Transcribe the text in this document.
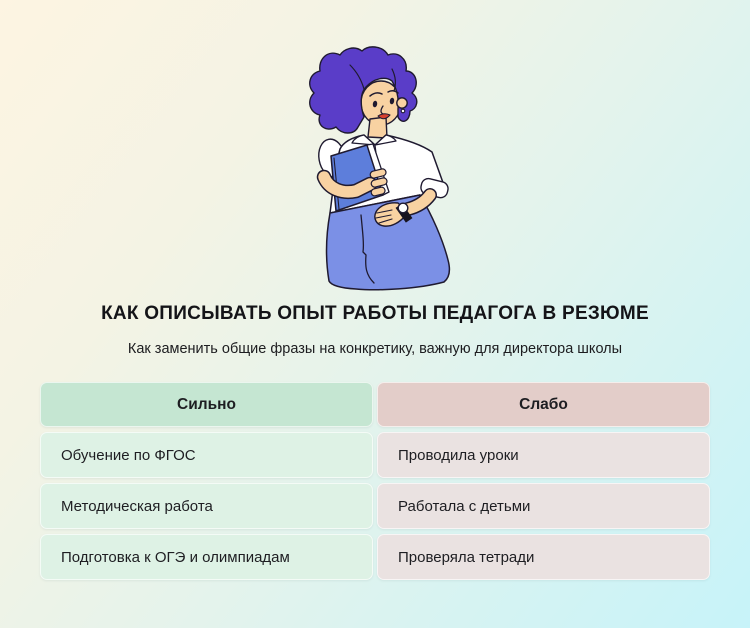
КАК ОПИСЫВАТЬ ОПЫТ РАБОТЫ ПЕДАГОГА В РЕЗЮМЕ
Как заменить общие фразы на конкретику, важную для директора школы
Сильно	Слабо
Обучение по ФГОС	Проводила уроки
Методическая работа	Работала с детьми
Подготовка к ОГЭ и олимпиадам	Проверяла тетради
